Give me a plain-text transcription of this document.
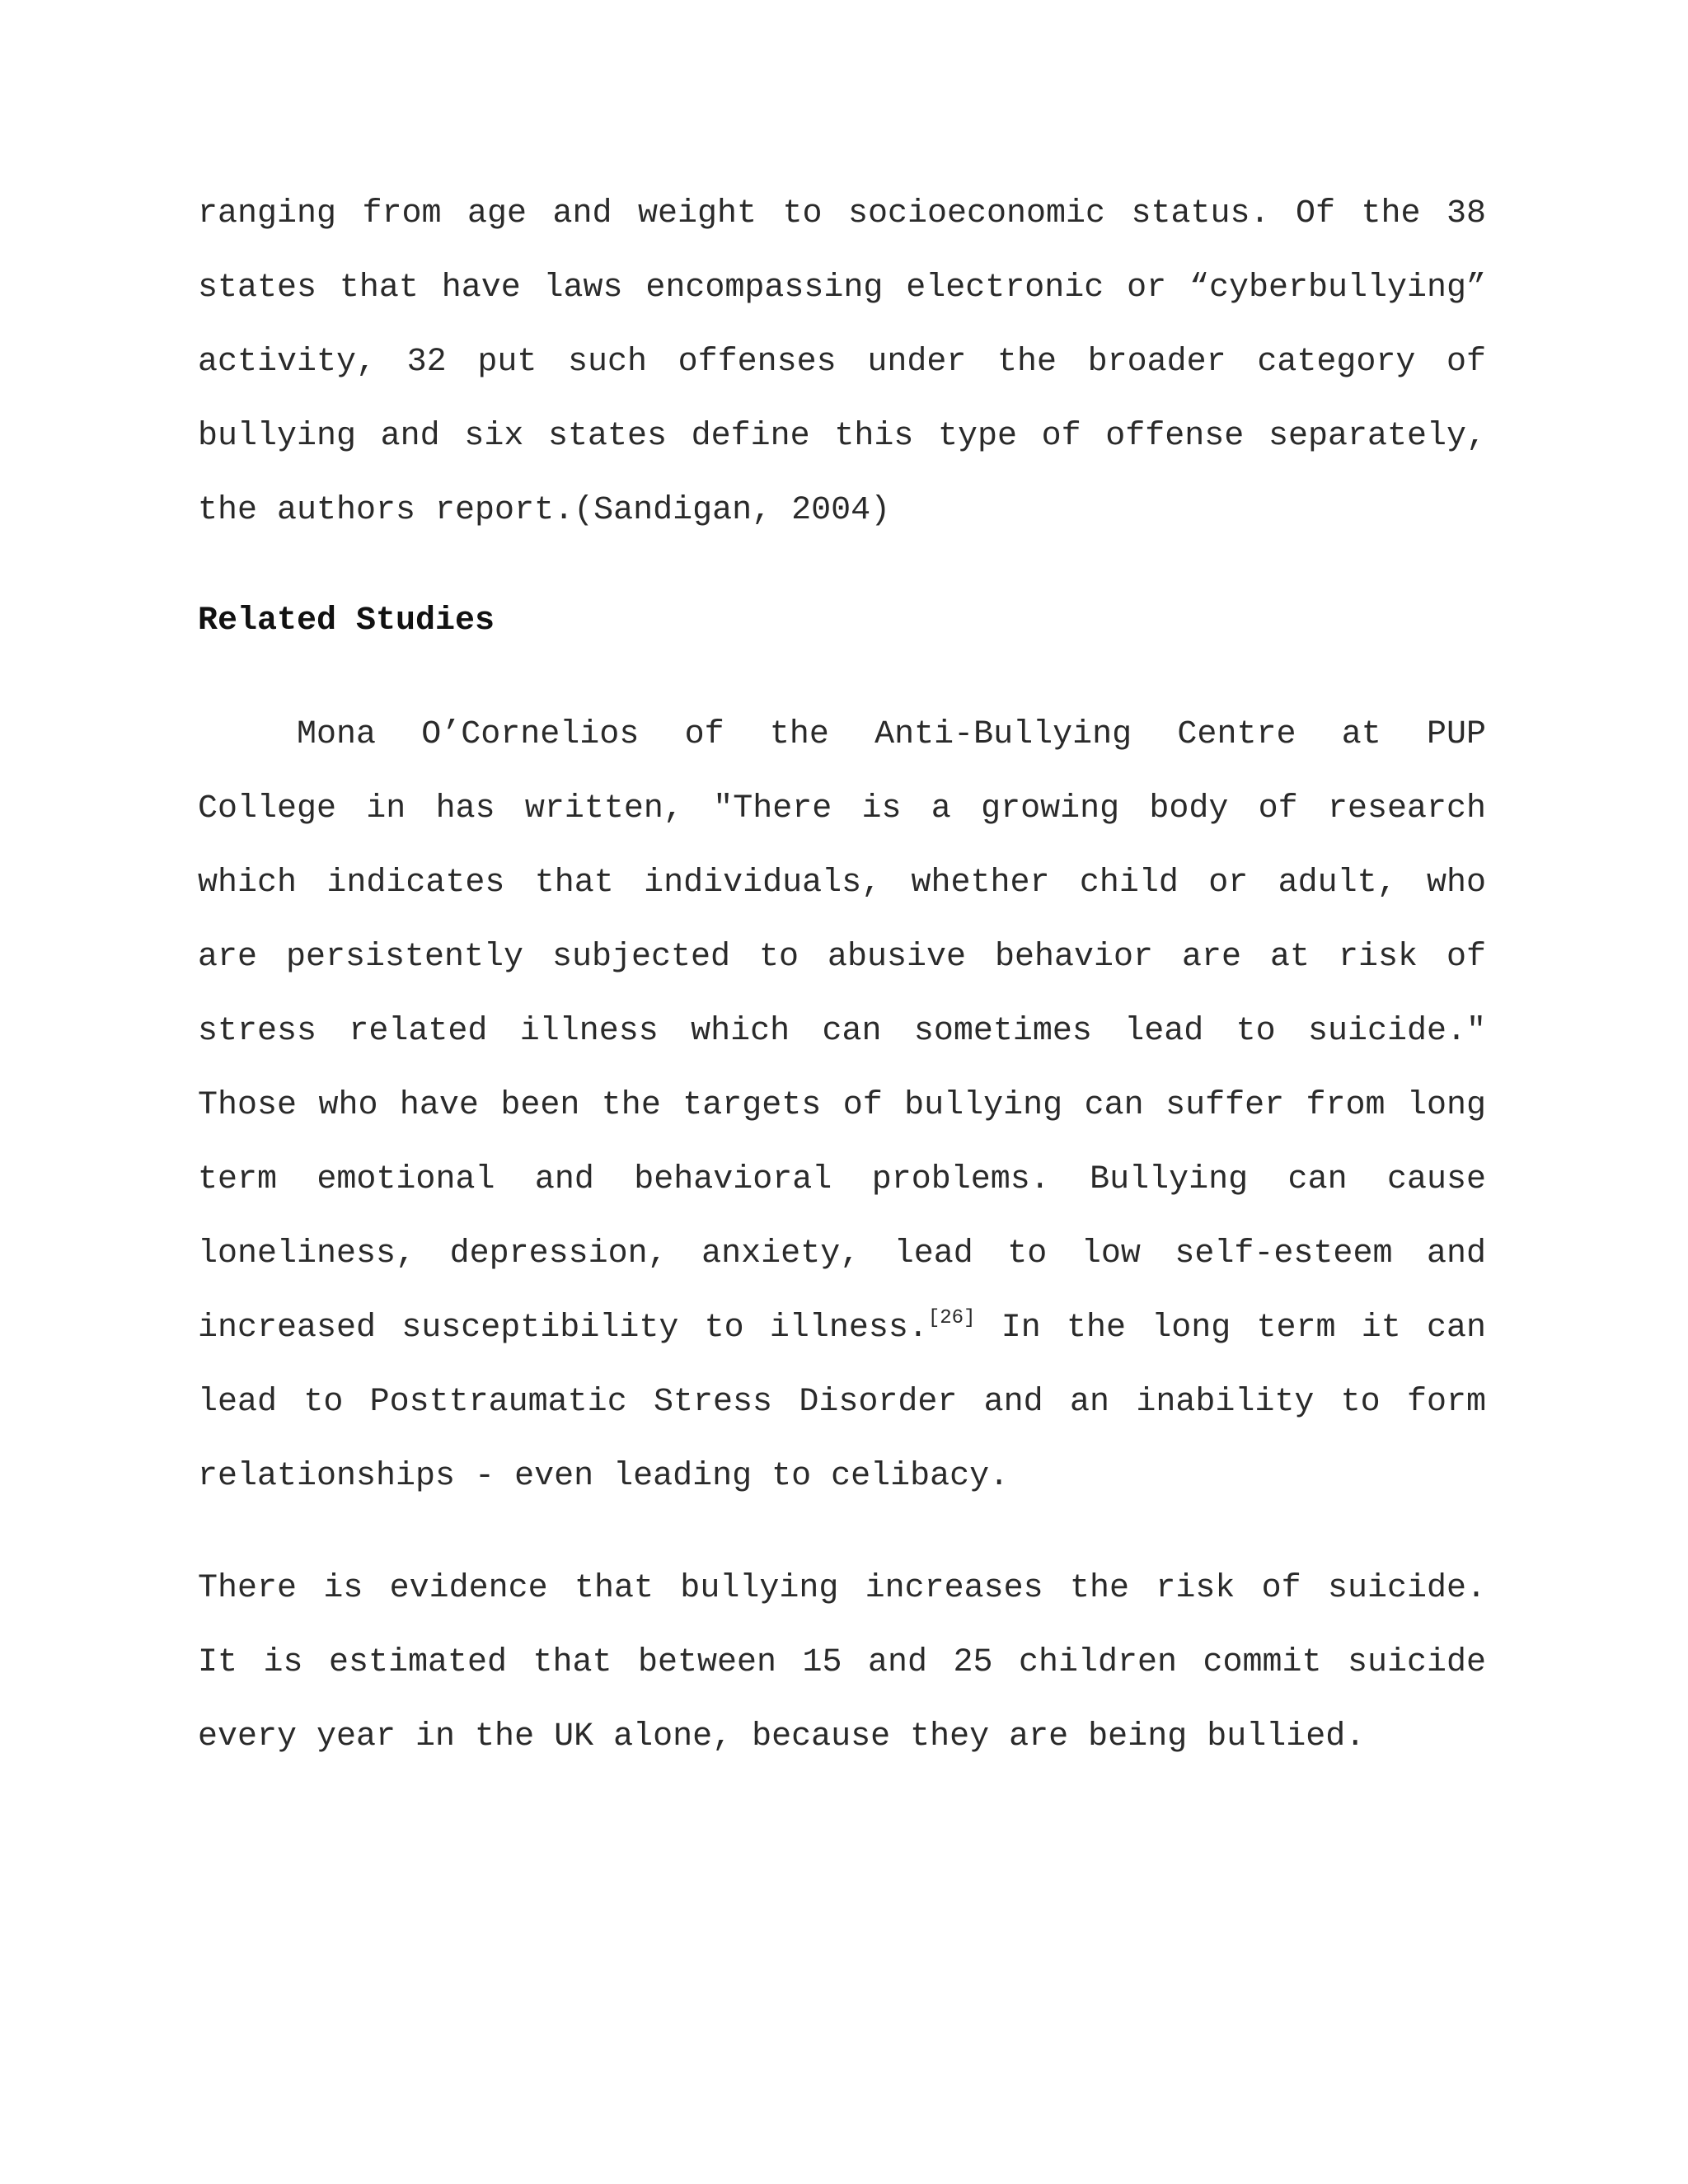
ranging from age and weight to socioeconomic status. Of the 38
states that have laws encompassing electronic or “cyberbullying”
activity, 32 put such offenses under the broader category of
bullying and six states define this type of offense separately,
the authors report.(Sandigan, 2004)
Related Studies
Mona O’Cornelios of the Anti-Bullying Centre at PUP
College in has written, "There is a growing body of research
which indicates that individuals, whether child or adult, who
are persistently subjected to abusive behavior are at risk of
stress related illness which can sometimes lead to suicide."
Those who have been the targets of bullying can suffer from long
term emotional and behavioral problems. Bullying can cause
loneliness, depression, anxiety, lead to low self-esteem and
increased susceptibility to illness.[26] In the long term it can
lead to Posttraumatic Stress Disorder and an inability to form
relationships - even leading to celibacy.
There is evidence that bullying increases the risk of suicide.
It is estimated that between 15 and 25 children commit suicide
every year in the UK alone, because they are being bullied.
